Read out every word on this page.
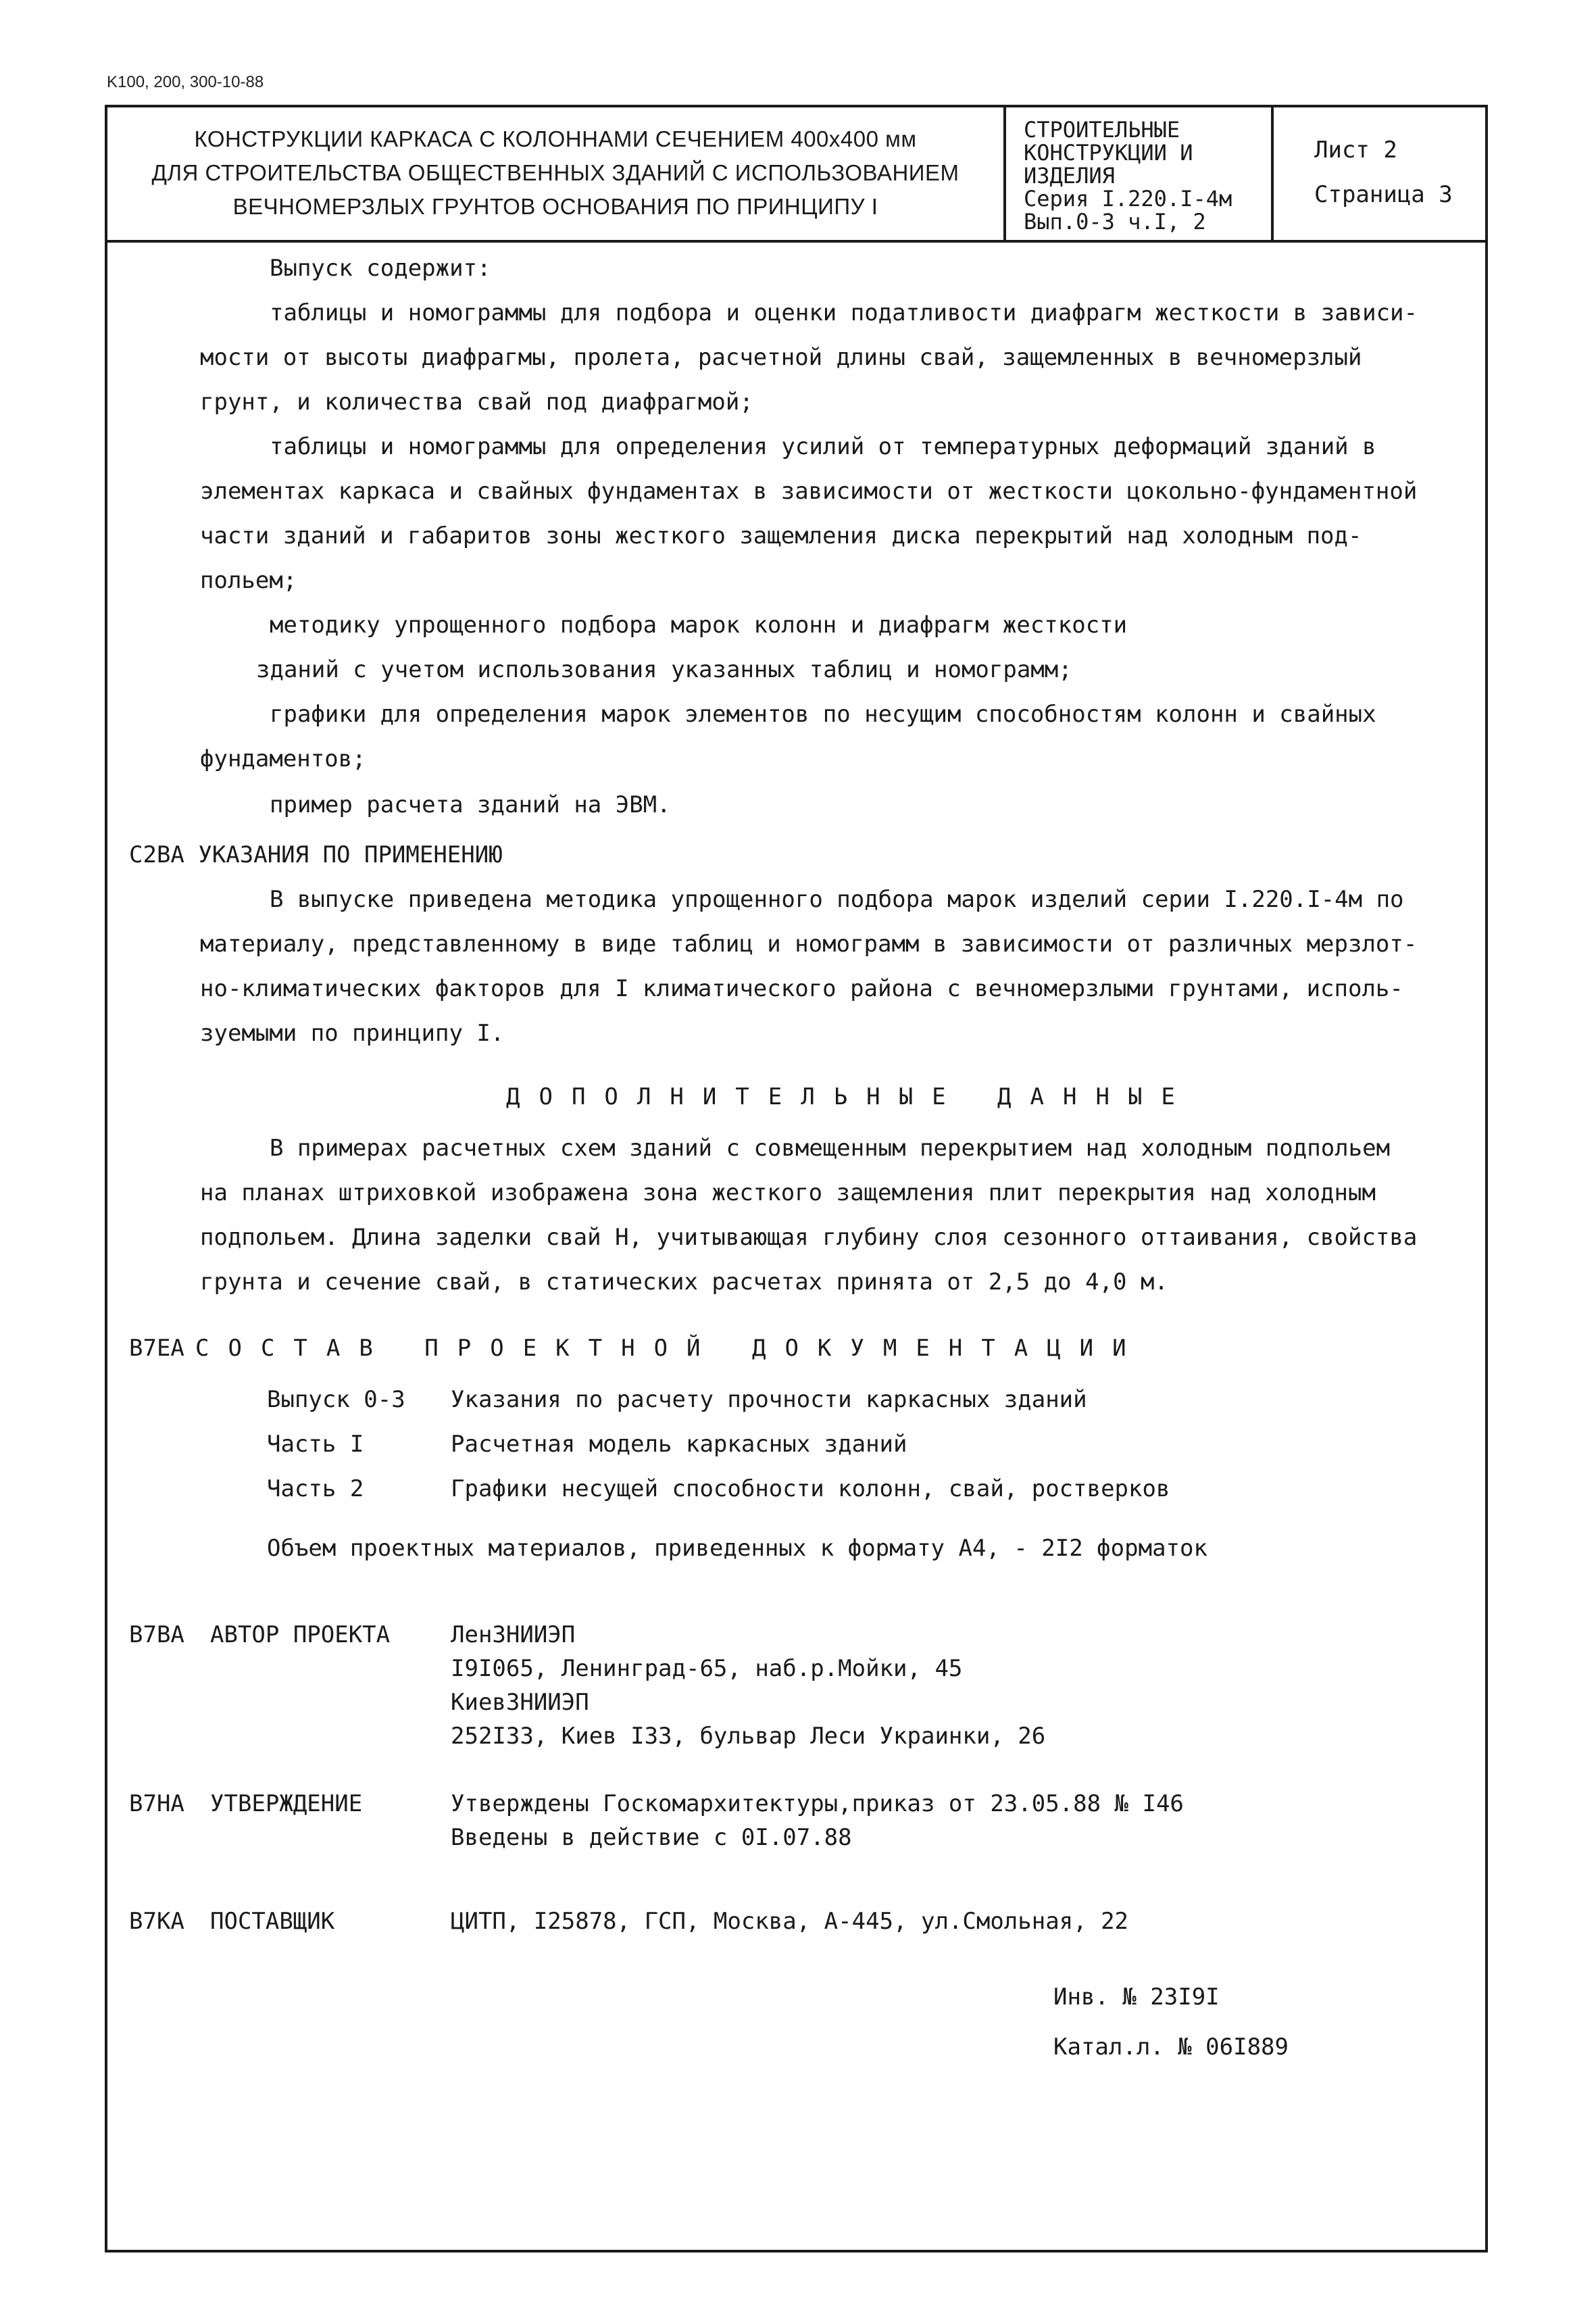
K100, 200, 300-10-88
КОНСТРУКЦИИ КАРКАСА С КОЛОННАМИ СЕЧЕНИЕМ 400х400 мм
ДЛЯ СТРОИТЕЛЬСТВА ОБЩЕСТВЕННЫХ ЗДАНИЙ С ИСПОЛЬЗОВАНИЕМ
ВЕЧНОМЕРЗЛЫХ ГРУНТОВ ОСНОВАНИЯ ПО ПРИНЦИПУ I
СТРОИТЕЛЬНЫЕ
КОНСТРУКЦИИ И
ИЗДЕЛИЯ
Серия I.220.I-4м
Вып.0-3 ч.I, 2
Лист 2
Страница 3
Выпуск содержит:
таблицы и номограммы для подбора и оценки податливости диафрагм жесткости в зависи-
мости от высоты диафрагмы, пролета, расчетной длины свай, защемленных в вечномерзлый
грунт, и количества свай под диафрагмой;
таблицы и номограммы для определения усилий от температурных деформаций зданий в
элементах каркаса и свайных фундаментах в зависимости от жесткости цокольно-фундаментной
части зданий и габаритов зоны жесткого защемления диска перекрытий над холодным под-
польем;
методику упрощенного подбора марок колонн и диафрагм жесткости
зданий с учетом использования указанных таблиц и номограмм;
графики для определения марок элементов по несущим способностям колонн и свайных
фундаментов;
пример расчета зданий на ЭВМ.
C2BA УКАЗАНИЯ ПО ПРИМЕНЕНИЮ
В выпуске приведена методика упрощенного подбора марок изделий серии I.220.I-4м по
материалу, представленному в виде таблиц и номограмм в зависимости от различных мерзлот-
но-климатических факторов для I климатического района с вечномерзлыми грунтами, исполь-
зуемыми по принципу I.
ДОПОЛНИТЕЛЬНЫЕ ДАННЫЕ
В примерах расчетных схем зданий с совмещенным перекрытием над холодным подпольем
на планах штриховкой изображена зона жесткого защемления плит перекрытия над холодным
подпольем. Длина заделки свай Н, учитывающая глубину слоя сезонного оттаивания, свойства
грунта и сечение свай, в статических расчетах принята от 2,5 до 4,0 м.
В7ЕА СОСТАВ ПРОЕКТНОЙ ДОКУМЕНТАЦИИ
Выпуск 0-3 Указания по расчету прочности каркасных зданий
Часть I	Расчетная модель каркасных зданий
Часть 2	Графики несущей способности колонн, свай, ростверков
Объем проектных материалов, приведенных к формату А4, - 2I2 форматок
В7ВА АВТОР ПРОЕКТА	ЛенЗНИИЭП
I9I065, Ленинград-65, наб.р.Мойки, 45
КиевЗНИИЭП
252I33, Киев I33, бульвар Леси Украинки, 26
В7НА УТВЕРЖДЕНИЕ	Утверждены Госкомархитектуры,приказ от 23.05.88 № I46
Введены в действие с 0I.07.88
В7КА ПОСТАВЩИК	ЦИТП, I25878, ГСП, Москва, А-445, ул.Смольная, 22
Инв. № 23I9I
Катал.л. № 06I889
